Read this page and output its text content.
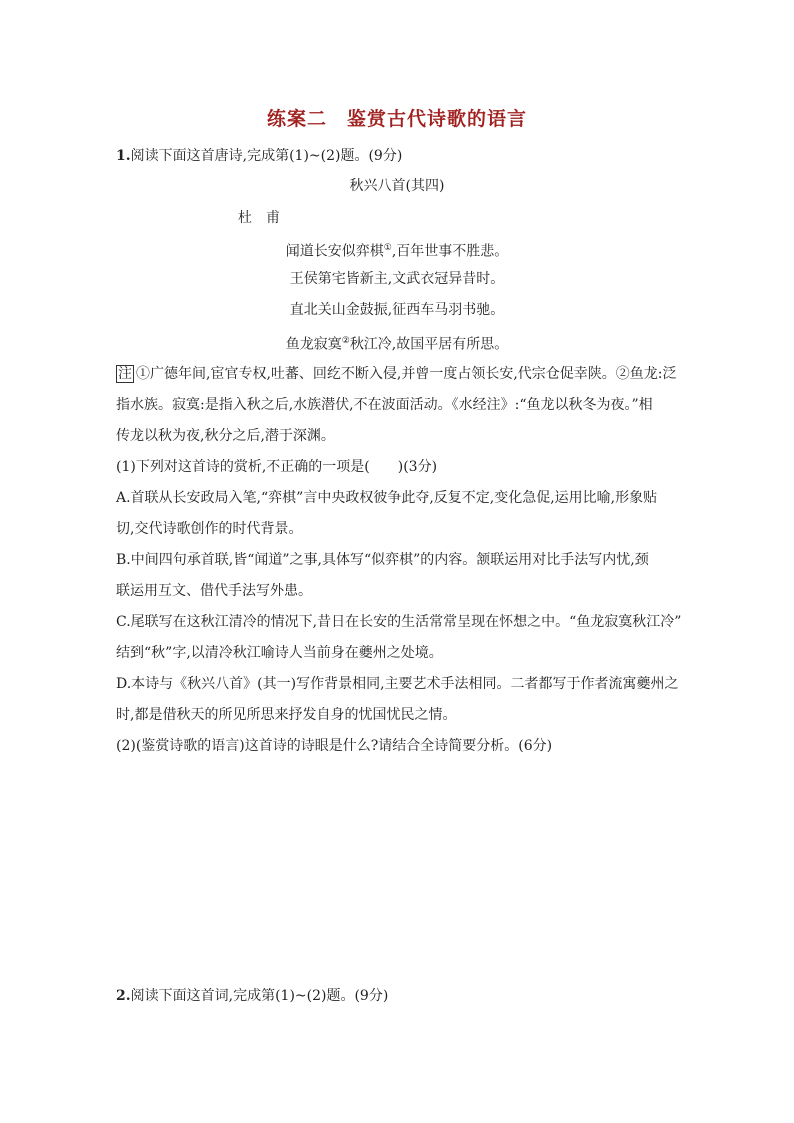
练案二　鉴赏古代诗歌的语言
1.阅读下面这首唐诗,完成第(1)~(2)题。(9分)
秋兴八首(其四)
杜　甫
闻道长安似弈棋①,百年世事不胜悲。
王侯第宅皆新主,文武衣冠异昔时。
直北关山金鼓振,征西车马羽书驰。
鱼龙寂寞②秋江冷,故国平居有所思。
注 ①广德年间,宦官专权,吐蕃、回纥不断入侵,并曾一度占领长安,代宗仓促幸陕。②鱼龙:泛
指水族。寂寞:是指入秋之后,水族潜伏,不在波面活动。《水经注》:“鱼龙以秋冬为夜。”相
传龙以秋为夜,秋分之后,潜于深渊。
(1)下列对这首诗的赏析,不正确的一项是(　　)(3分)
A.首联从长安政局入笔,“弈棋”言中央政权彼争此夺,反复不定,变化急促,运用比喻,形象贴
切,交代诗歌创作的时代背景。
B.中间四句承首联,皆“闻道”之事,具体写“似弈棋”的内容。颔联运用对比手法写内忧,颈
联运用互文、借代手法写外患。
C.尾联写在这秋江清冷的情况下,昔日在长安的生活常常呈现在怀想之中。“鱼龙寂寞秋江冷”
结到“秋”字,以清冷秋江喻诗人当前身在夔州之处境。
D.本诗与《秋兴八首》(其一)写作背景相同,主要艺术手法相同。二者都写于作者流寓夔州之
时,都是借秋天的所见所思来抒发自身的忧国忧民之情。
(2)(鉴赏诗歌的语言)这首诗的诗眼是什么?请结合全诗简要分析。(6分)
2.阅读下面这首词,完成第(1)~(2)题。(9分)
